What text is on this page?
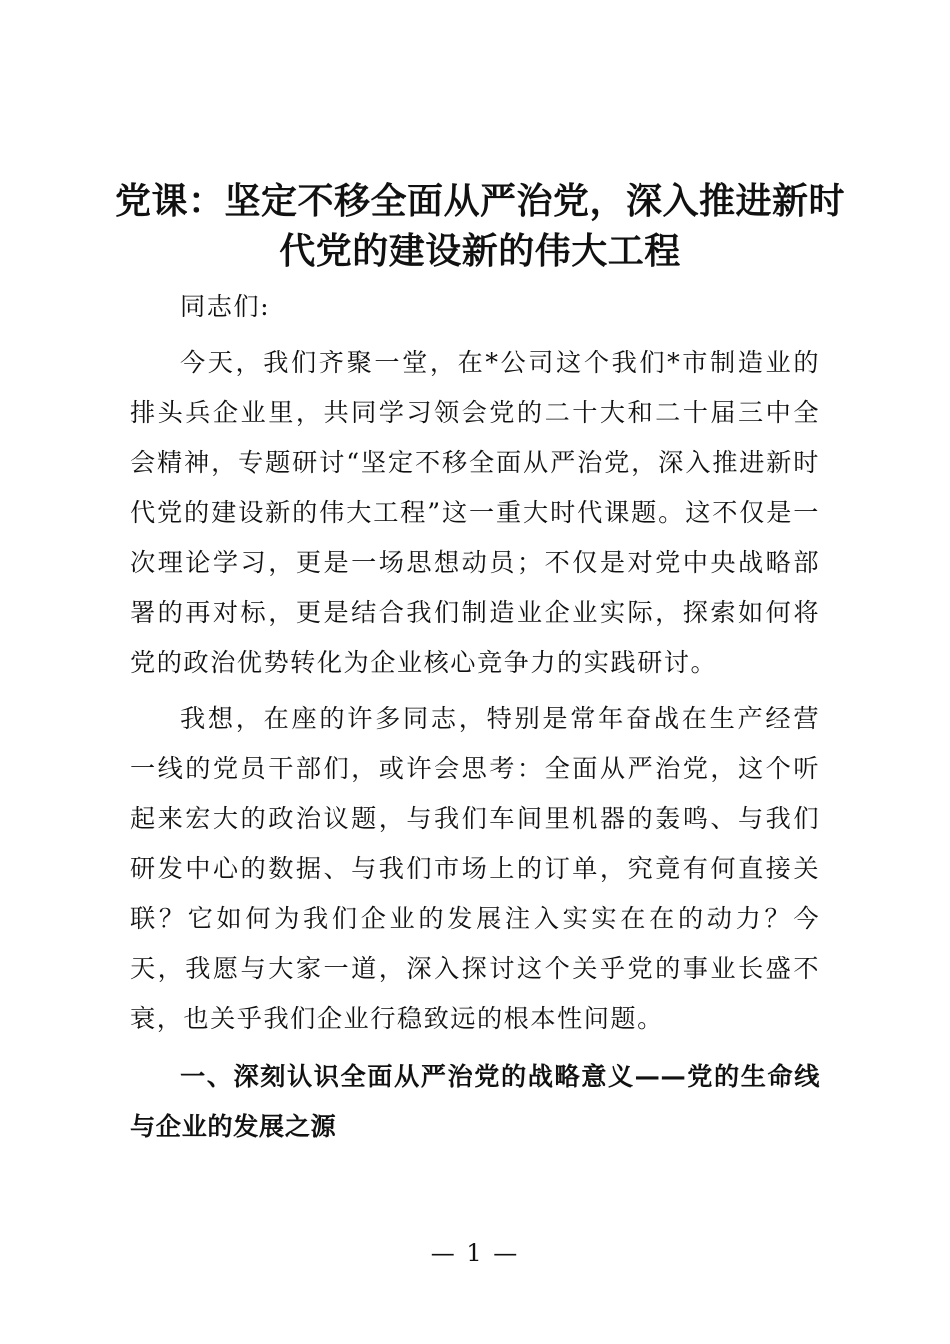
党课：坚定不移全面从严治党，深入推进新时代党的建设新的伟大工程

同志们:

今天，我们齐聚一堂，在*公司这个我们*市制造业的排头兵企业里，共同学习领会党的二十大和二十届三中全会精神，专题研讨“坚定不移全面从严治党，深入推进新时代党的建设新的伟大工程”这一重大时代课题。这不仅是一次理论学习，更是一场思想动员；不仅是对党中央战略部署的再对标，更是结合我们制造业企业实际，探索如何将党的政治优势转化为企业核心竞争力的实践研讨。

我想，在座的许多同志，特别是常年奋战在生产经营一线的党员干部们，或许会思考：全面从严治党，这个听起来宏大的政治议题，与我们车间里机器的轰鸣、与我们研发中心的数据、与我们市场上的订单，究竟有何直接关联？它如何为我们企业的发展注入实实在在的动力？今天，我愿与大家一道，深入探讨这个关乎党的事业长盛不衰，也关乎我们企业行稳致远的根本性问题。

一、深刻认识全面从严治党的战略意义——党的生命线与企业的发展之源

— 1 —
